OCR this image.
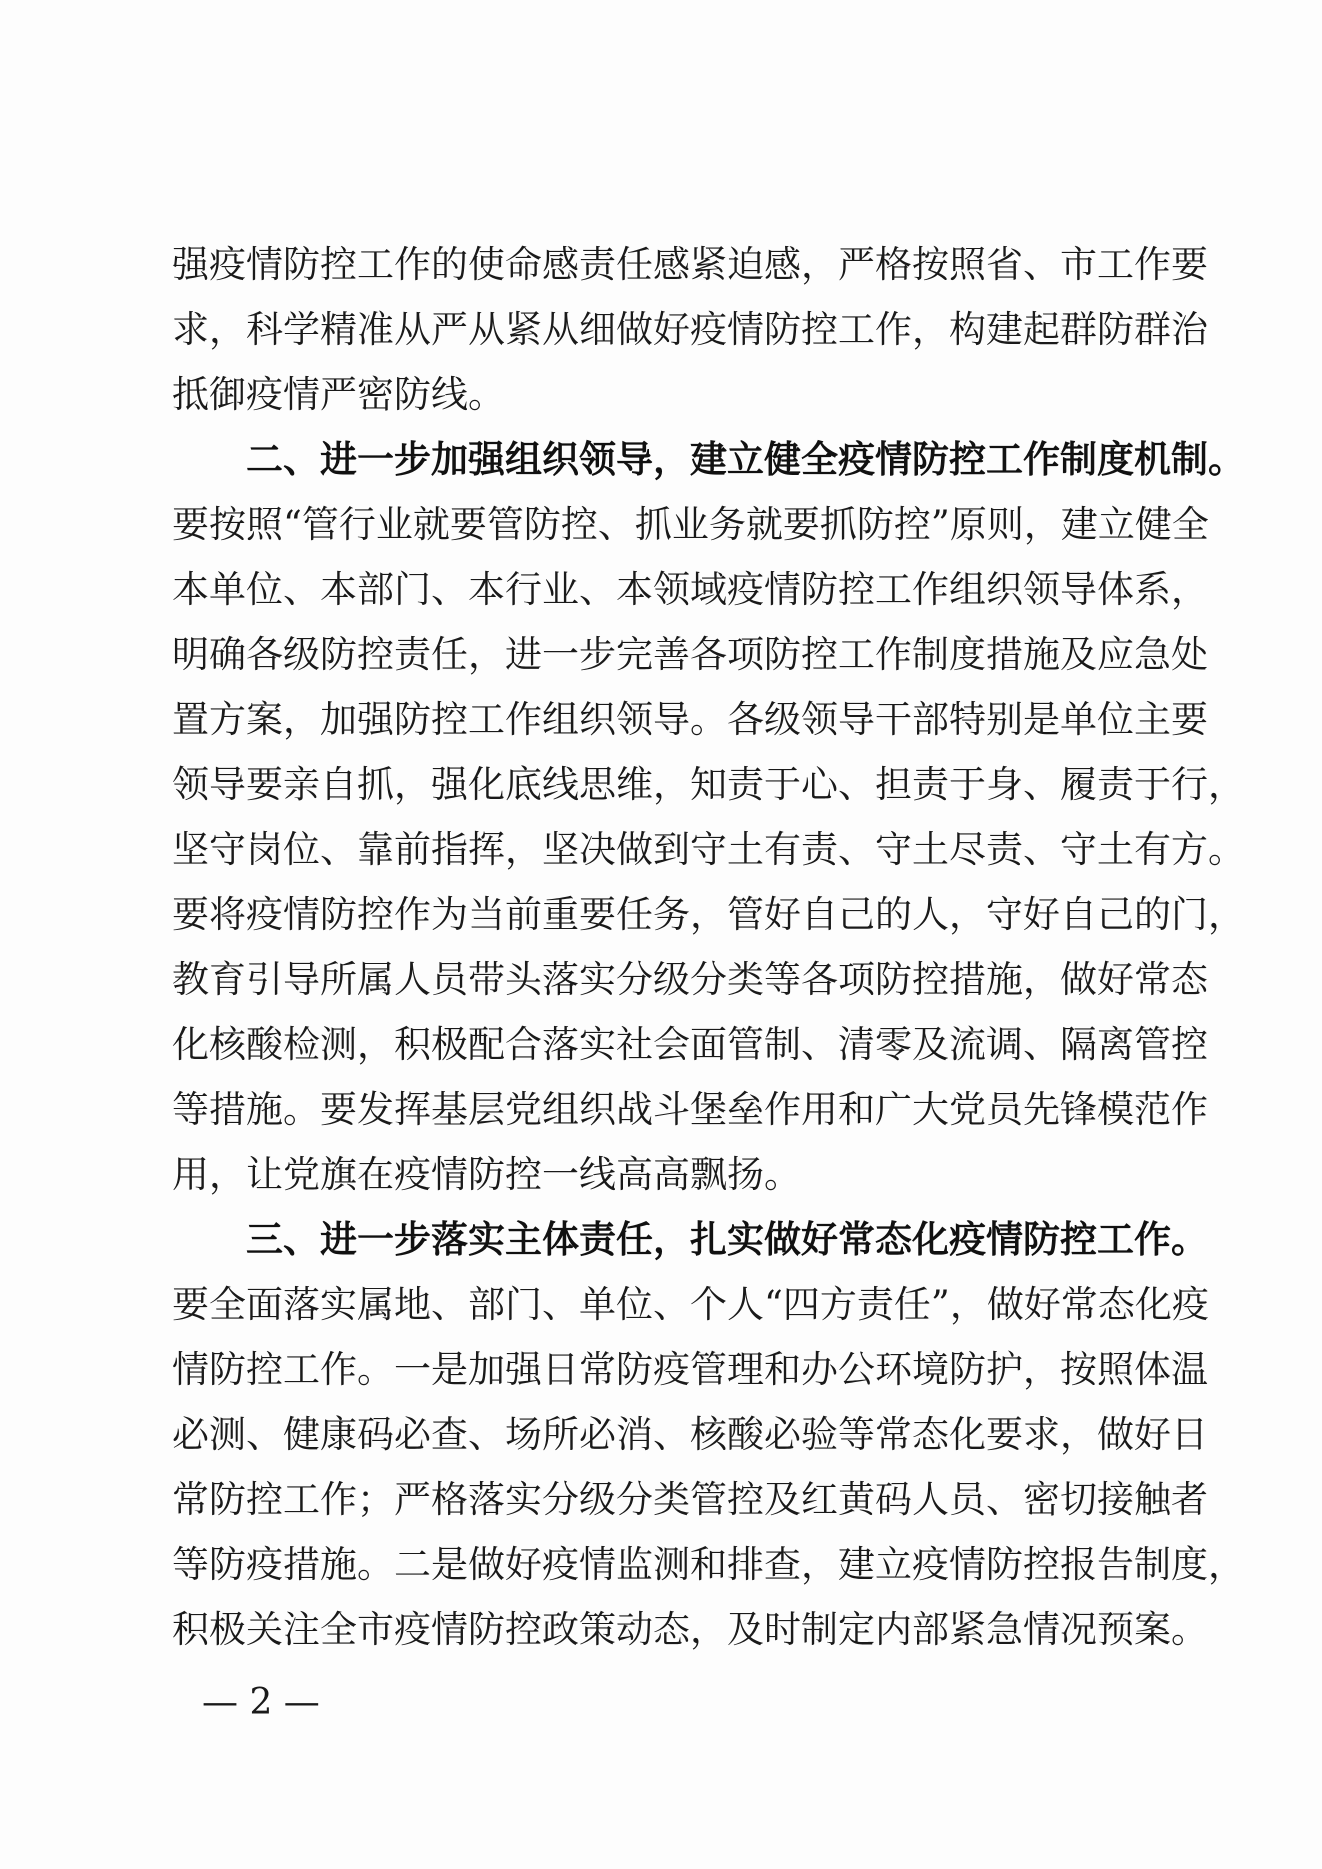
强疫情防控工作的使命感责任感紧迫感，严格按照省、市工作要
求，科学精准从严从紧从细做好疫情防控工作，构建起群防群治
抵御疫情严密防线。
二、进一步加强组织领导，建立健全疫情防控工作制度机制。
要按照“管行业就要管防控、抓业务就要抓防控”原则，建立健全
本单位、本部门、本行业、本领域疫情防控工作组织领导体系，
明确各级防控责任，进一步完善各项防控工作制度措施及应急处
置方案，加强防控工作组织领导。各级领导干部特别是单位主要
领导要亲自抓，强化底线思维，知责于心、担责于身、履责于行，
坚守岗位、靠前指挥，坚决做到守土有责、守土尽责、守土有方。
要将疫情防控作为当前重要任务，管好自己的人，守好自己的门，
教育引导所属人员带头落实分级分类等各项防控措施，做好常态
化核酸检测，积极配合落实社会面管制、清零及流调、隔离管控
等措施。要发挥基层党组织战斗堡垒作用和广大党员先锋模范作
用，让党旗在疫情防控一线高高飘扬。
三、进一步落实主体责任，扎实做好常态化疫情防控工作。
要全面落实属地、部门、单位、个人“四方责任”，做好常态化疫
情防控工作。一是加强日常防疫管理和办公环境防护，按照体温
必测、健康码必查、场所必消、核酸必验等常态化要求，做好日
常防控工作；严格落实分级分类管控及红黄码人员、密切接触者
等防疫措施。二是做好疫情监测和排查，建立疫情防控报告制度，
积极关注全市疫情防控政策动态，及时制定内部紧急情况预案。
— 2 —
